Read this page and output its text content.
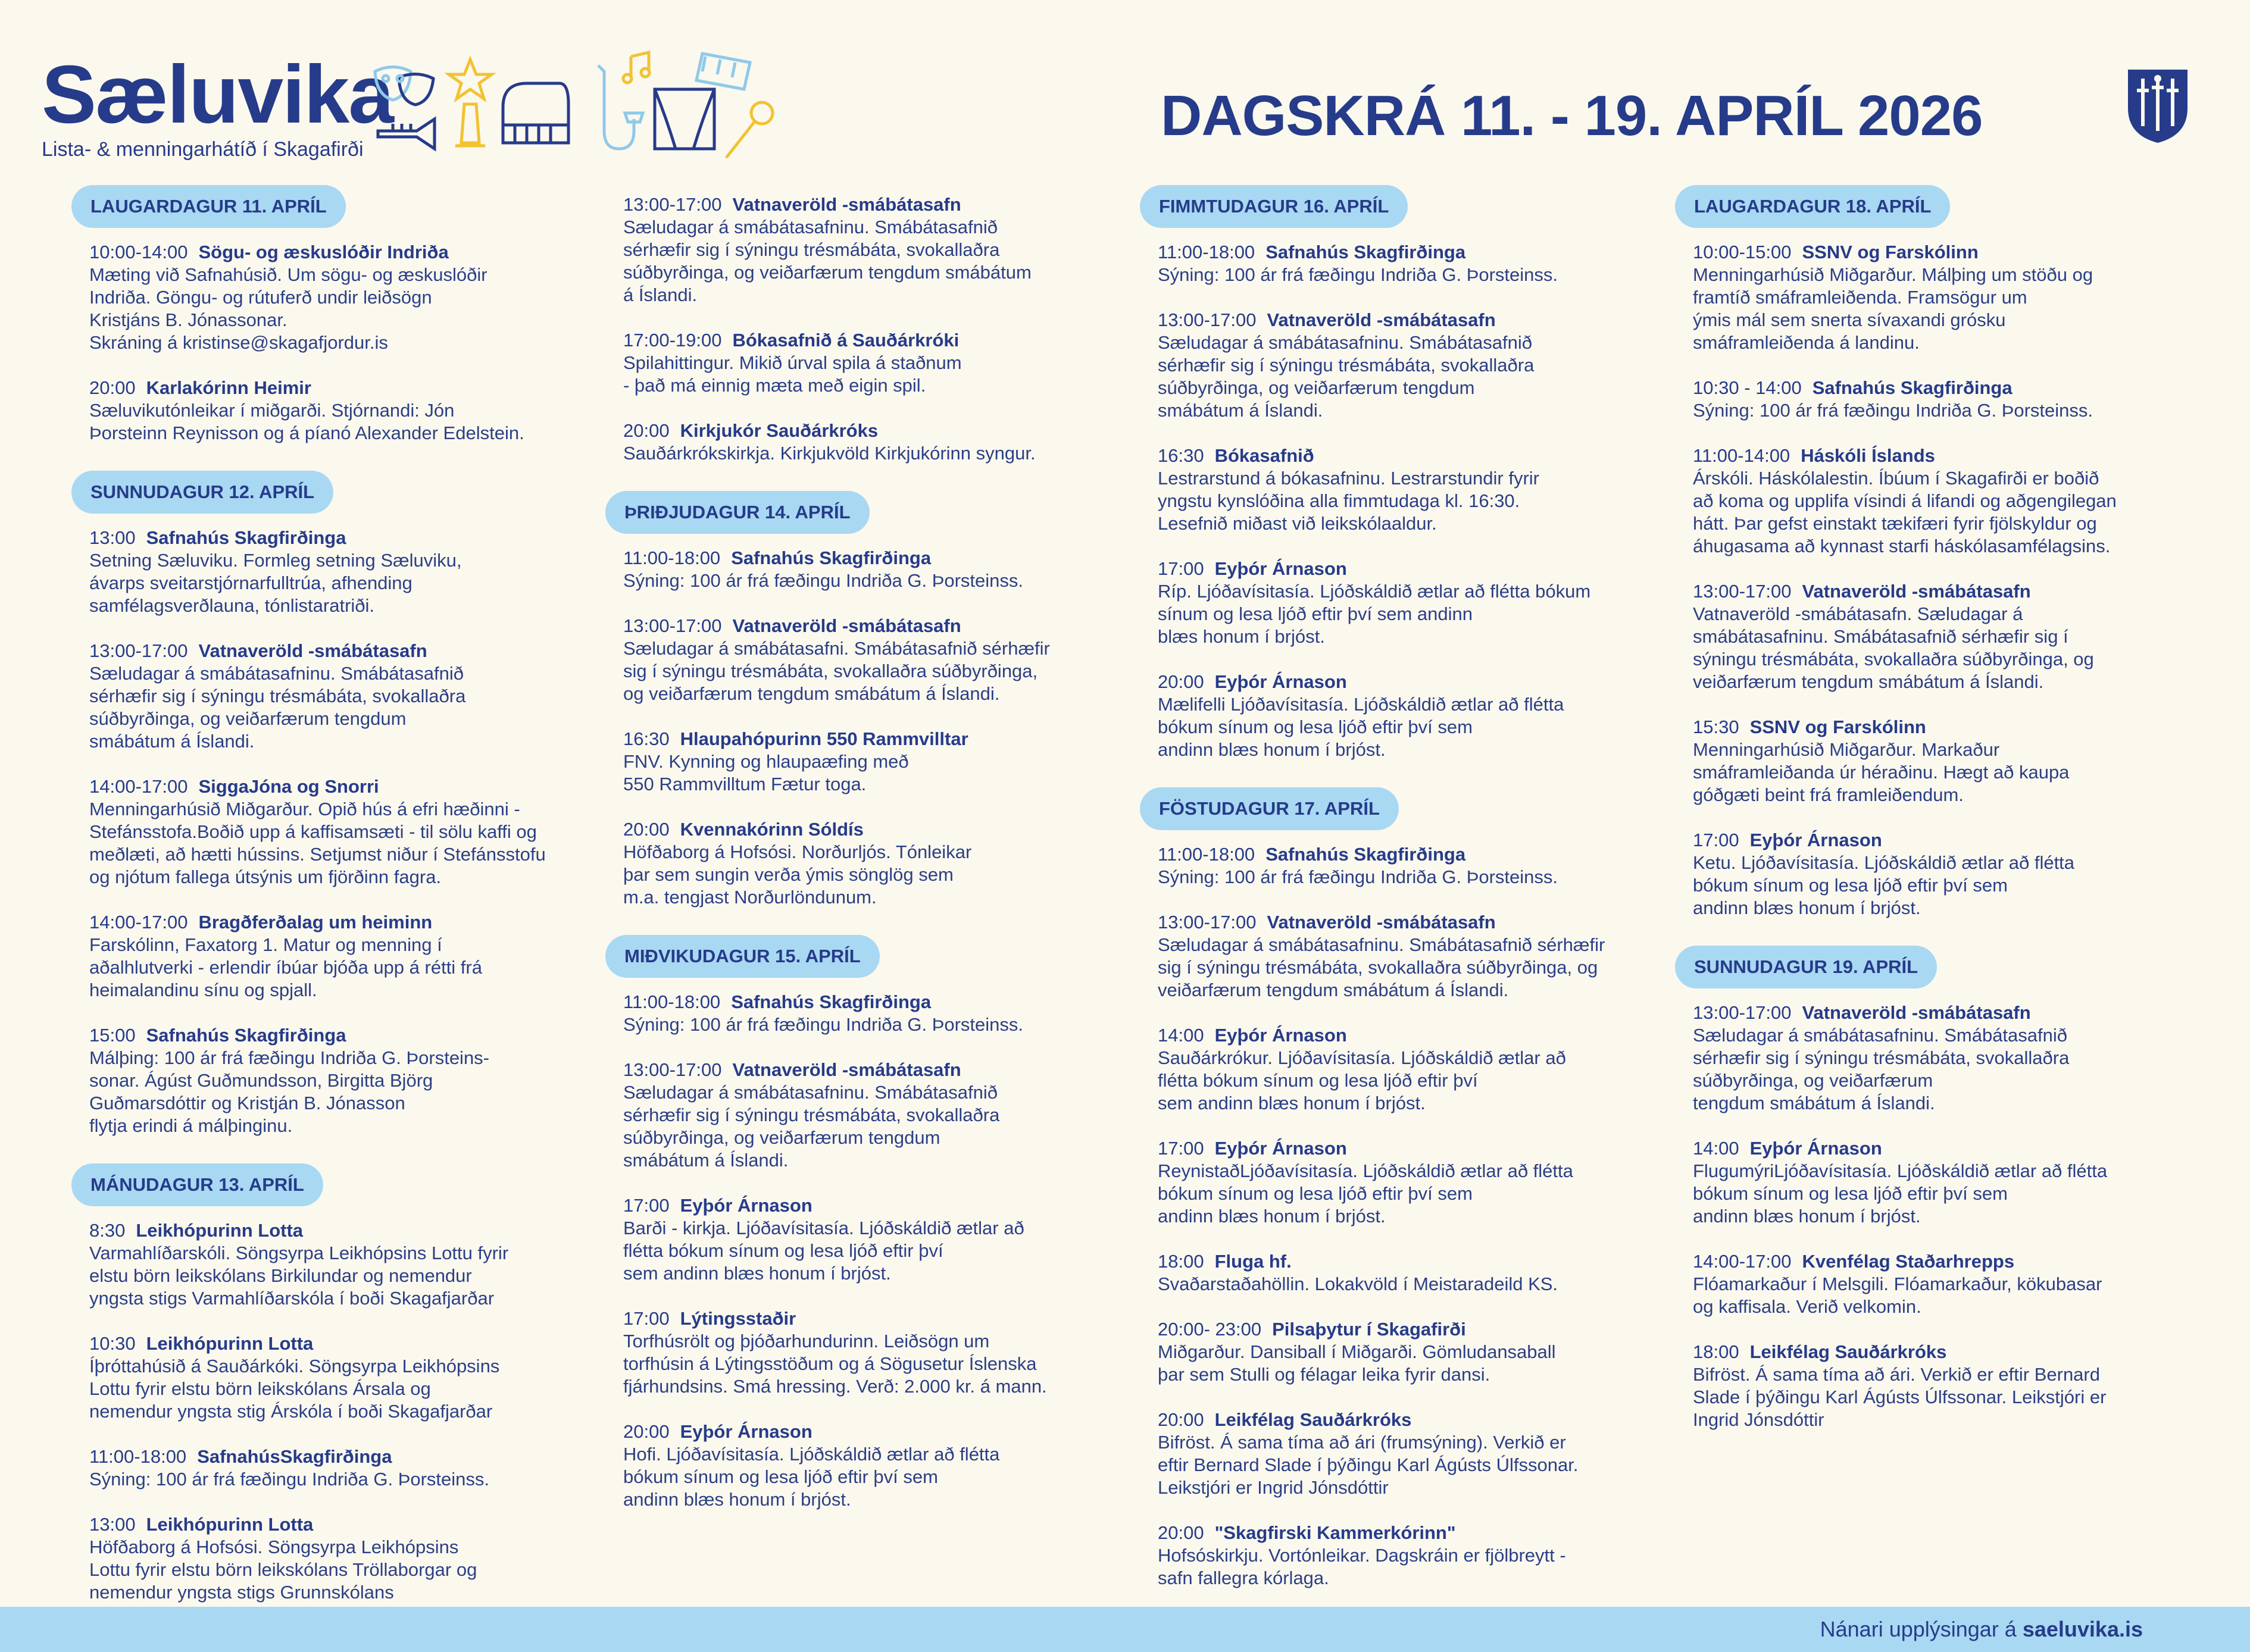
Sæluvika
Lista- & menningarhátíð í Skagafirði
DAGSKRÁ 11. - 19. APRÍL 2026
LAUGARDAGUR 11. APRÍL
10:00-14:00 Sögu- og æskuslóðir Indriða
Mæting við Safnahúsið. Um sögu- og æskuslóðir
Indriða. Göngu- og rútuferð undir leiðsögn
Kristjáns B. Jónassonar.
Skráning á kristinse@skagafjordur.is
20:00 Karlakórinn Heimir
Sæluvikutónleikar í miðgarði. Stjórnandi: Jón
Þorsteinn Reynisson og á píanó Alexander Edelstein.
SUNNUDAGUR 12. APRÍL
13:00 Safnahús Skagfirðinga
Setning Sæluviku. Formleg setning Sæluviku,
ávarps sveitarstjórnarfulltrúa, afhending
samfélagsverðlauna, tónlistaratriði.
13:00-17:00 Vatnaveröld -smábátasafn
Sæludagar á smábátasafninu. Smábátasafnið
sérhæfir sig í sýningu trésmábáta, svokallaðra
súðbyrðinga, og veiðarfærum tengdum
smábátum á Íslandi.
14:00-17:00 SiggaJóna og Snorri
Menningarhúsið Miðgarður. Opið hús á efri hæðinni -
Stefánsstofa.Boðið upp á kaffisamsæti - til sölu kaffi og
meðlæti, að hætti hússins. Setjumst niður í Stefánsstofu
og njótum fallega útsýnis um fjörðinn fagra.
14:00-17:00 Bragðferðalag um heiminn
Farskólinn, Faxatorg 1. Matur og menning í
aðalhlutverki - erlendir íbúar bjóða upp á rétti frá
heimalandinu sínu og spjall.
15:00 Safnahús Skagfirðinga
Málþing: 100 ár frá fæðingu Indriða G. Þorsteins-
sonar. Ágúst Guðmundsson, Birgitta Björg
Guðmarsdóttir og Kristján B. Jónasson
flytja erindi á málþinginu.
MÁNUDAGUR 13. APRÍL
8:30 Leikhópurinn Lotta
Varmahlíðarskóli. Söngsyrpa Leikhópsins Lottu fyrir
elstu börn leikskólans Birkilundar og nemendur
yngsta stigs Varmahlíðarskóla í boði Skagafjarðar
10:30 Leikhópurinn Lotta
Íþróttahúsið á Sauðárkóki. Söngsyrpa Leikhópsins
Lottu fyrir elstu börn leikskólans Ársala og
nemendur yngsta stig Árskóla í boði Skagafjarðar
11:00-18:00 SafnahúsSkagfirðinga
Sýning: 100 ár frá fæðingu Indriða G. Þorsteinss.
13:00 Leikhópurinn Lotta
Höfðaborg á Hofsósi. Söngsyrpa Leikhópsins
Lottu fyrir elstu börn leikskólans Tröllaborgar og
nemendur yngsta stigs Grunnskólans

13:00-17:00 Vatnaveröld -smábátasafn
Sæludagar á smábátasafninu. Smábátasafnið
sérhæfir sig í sýningu trésmábáta, svokallaðra
súðbyrðinga, og veiðarfærum tengdum smábátum
á Íslandi.
17:00-19:00 Bókasafnið á Sauðárkróki
Spilahittingur. Mikið úrval spila á staðnum
- það má einnig mæta með eigin spil.
20:00 Kirkjukór Sauðárkróks
Sauðárkrókskirkja. Kirkjukvöld Kirkjukórinn syngur.
ÞRIÐJUDAGUR 14. APRÍL
11:00-18:00 Safnahús Skagfirðinga
Sýning: 100 ár frá fæðingu Indriða G. Þorsteinss.
13:00-17:00 Vatnaveröld -smábátasafn
Sæludagar á smábátasafni. Smábátasafnið sérhæfir
sig í sýningu trésmábáta, svokallaðra súðbyrðinga,
og veiðarfærum tengdum smábátum á Íslandi.
16:30 Hlaupahópurinn 550 Rammvilltar
FNV. Kynning og hlaupaæfing með
550 Rammvilltum Fætur toga.
20:00 Kvennakórinn Sóldís
Höfðaborg á Hofsósi. Norðurljós. Tónleikar
þar sem sungin verða ýmis sönglög sem
m.a. tengjast Norðurlöndunum.
MIÐVIKUDAGUR 15. APRÍL
11:00-18:00 Safnahús Skagfirðinga
Sýning: 100 ár frá fæðingu Indriða G. Þorsteinss.
13:00-17:00 Vatnaveröld -smábátasafn
Sæludagar á smábátasafninu. Smábátasafnið
sérhæfir sig í sýningu trésmábáta, svokallaðra
súðbyrðinga, og veiðarfærum tengdum
smábátum á Íslandi.
17:00 Eyþór Árnason
Barði - kirkja. Ljóðavísitasía. Ljóðskáldið ætlar að
flétta bókum sínum og lesa ljóð eftir því
sem andinn blæs honum í brjóst.
17:00 Lýtingsstaðir
Torfhúsrölt og þjóðarhundurinn. Leiðsögn um
torfhúsin á Lýtingsstöðum og á Sögusetur Íslenska
fjárhundsins. Smá hressing. Verð: 2.000 kr. á mann.

20:00 Eyþór Árnason
Hofi. Ljóðavísitasía. Ljóðskáldið ætlar að flétta
bókum sínum og lesa ljóð eftir því sem
andinn blæs honum í brjóst.
FIMMTUDAGUR 16. APRÍL
11:00-18:00 Safnahús Skagfirðinga
Sýning: 100 ár frá fæðingu Indriða G. Þorsteinss.
13:00-17:00 Vatnaveröld -smábátasafn
Sæludagar á smábátasafninu. Smábátasafnið
sérhæfir sig í sýningu trésmábáta, svokallaðra
súðbyrðinga, og veiðarfærum tengdum
smábátum á Íslandi.
16:30 Bókasafnið
Lestrarstund á bókasafninu. Lestrarstundir fyrir
yngstu kynslóðina alla fimmtudaga kl. 16:30.
Lesefnið miðast við leikskólaaldur.
17:00 Eyþór Árnason
Ríp. Ljóðavísitasía. Ljóðskáldið ætlar að flétta bókum
sínum og lesa ljóð eftir því sem andinn
blæs honum í brjóst.
20:00 Eyþór Árnason
Mælifelli Ljóðavísitasía. Ljóðskáldið ætlar að flétta
bókum sínum og lesa ljóð eftir því sem
andinn blæs honum í brjóst.
FÖSTUDAGUR 17. APRÍL
11:00-18:00 Safnahús Skagfirðinga
Sýning: 100 ár frá fæðingu Indriða G. Þorsteinss.
13:00-17:00 Vatnaveröld -smábátasafn
Sæludagar á smábátasafninu. Smábátasafnið sérhæfir
sig í sýningu trésmábáta, svokallaðra súðbyrðinga, og
veiðarfærum tengdum smábátum á Íslandi.
14:00 Eyþór Árnason
Sauðárkrókur. Ljóðavísitasía. Ljóðskáldið ætlar að
flétta bókum sínum og lesa ljóð eftir því
sem andinn blæs honum í brjóst.
17:00 Eyþór Árnason
ReynistaðLjóðavísitasía. Ljóðskáldið ætlar að flétta
bókum sínum og lesa ljóð eftir því sem
andinn blæs honum í brjóst.
18:00 Fluga hf.
Svaðarstaðahöllin. Lokakvöld í Meistaradeild KS.
20:00- 23:00 Pilsaþytur í Skagafirði
Miðgarður. Dansiball í Miðgarði. Gömludansaball
þar sem Stulli og félagar leika fyrir dansi.
20:00 Leikfélag Sauðárkróks
Bifröst. Á sama tíma að ári (frumsýning). Verkið er
eftir Bernard Slade í þýðingu Karl Ágústs Úlfssonar.
Leikstjóri er Ingrid Jónsdóttir
20:00 "Skagfirski Kammerkórinn"
Hofsóskirkju. Vortónleikar. Dagskráin er fjölbreytt -
safn fallegra kórlaga.
LAUGARDAGUR 18. APRÍL
10:00-15:00 SSNV og Farskólinn
Menningarhúsið Miðgarður. Málþing um stöðu og
framtíð smáframleiðenda. Framsögur um
ýmis mál sem snerta sívaxandi grósku
smáframleiðenda á landinu.
10:30 - 14:00 Safnahús Skagfirðinga
Sýning: 100 ár frá fæðingu Indriða G. Þorsteinss.
11:00-14:00 Háskóli Íslands
Árskóli. Háskólalestin. Íbúum í Skagafirði er boðið
að koma og upplifa vísindi á lifandi og aðgengilegan
hátt. Þar gefst einstakt tækifæri fyrir fjölskyldur og
áhugasama að kynnast starfi háskólasamfélagsins.
13:00-17:00 Vatnaveröld -smábátasafn
Vatnaveröld -smábátasafn. Sæludagar á
smábátasafninu. Smábátasafnið sérhæfir sig í
sýningu trésmábáta, svokallaðra súðbyrðinga, og
veiðarfærum tengdum smábátum á Íslandi.
15:30 SSNV og Farskólinn
Menningarhúsið Miðgarður. Markaður
smáframleiðanda úr héraðinu. Hægt að kaupa
góðgæti beint frá framleiðendum.
17:00 Eyþór Árnason
Ketu. Ljóðavísitasía. Ljóðskáldið ætlar að flétta
bókum sínum og lesa ljóð eftir því sem
andinn blæs honum í brjóst.
SUNNUDAGUR 19. APRÍL
13:00-17:00 Vatnaveröld -smábátasafn
Sæludagar á smábátasafninu. Smábátasafnið
sérhæfir sig í sýningu trésmábáta, svokallaðra
súðbyrðinga, og veiðarfærum
tengdum smábátum á Íslandi.
14:00 Eyþór Árnason
FlugumýriLjóðavísitasía. Ljóðskáldið ætlar að flétta
bókum sínum og lesa ljóð eftir því sem
andinn blæs honum í brjóst.
14:00-17:00 Kvenfélag Staðarhrepps
Flóamarkaður í Melsgili. Flóamarkaður, kökubasar
og kaffisala. Verið velkomin.
18:00 Leikfélag Sauðárkróks
Bifröst. Á sama tíma að ári. Verkið er eftir Bernard
Slade í þýðingu Karl Ágústs Úlfssonar. Leikstjóri er
Ingrid Jónsdóttir
Nánari upplýsingar á saeluvika.is
